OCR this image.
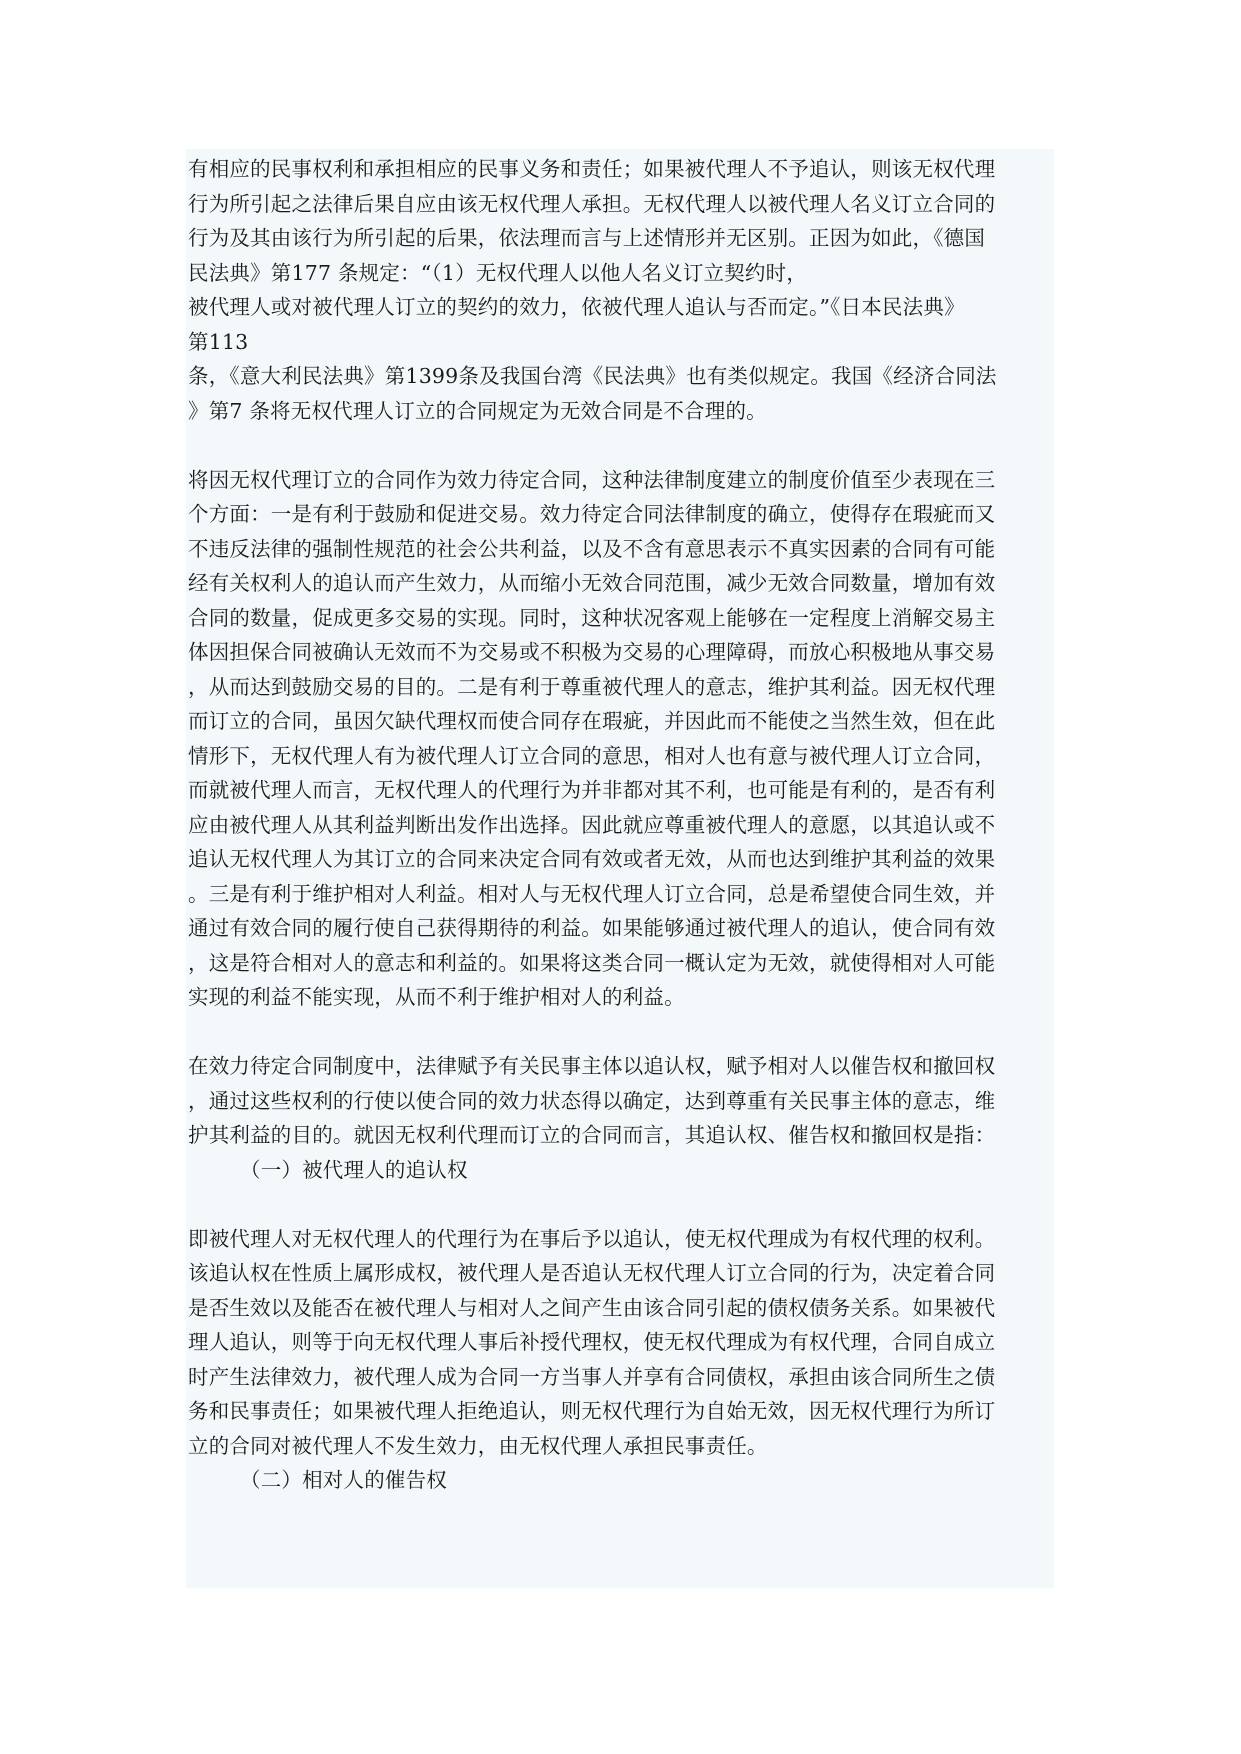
有相应的民事权利和承担相应的民事义务和责任；如果被代理人不予追认，则该无权代理
行为所引起之法律后果自应由该无权代理人承担。无权代理人以被代理人名义订立合同的
行为及其由该行为所引起的后果，依法理而言与上述情形并无区别。正因为如此，《德国
民法典》第177 条规定：“（1）无权代理人以他人名义订立契约时，
被代理人或对被代理人订立的契约的效力，依被代理人追认与否而定。”《日本民法典》
第113
条，《意大利民法典》第1399条及我国台湾《民法典》也有类似规定。我国《经济合同法
》第7 条将无权代理人订立的合同规定为无效合同是不合理的。
将因无权代理订立的合同作为效力待定合同，这种法律制度建立的制度价值至少表现在三
个方面：一是有利于鼓励和促进交易。效力待定合同法律制度的确立，使得存在瑕疵而又
不违反法律的强制性规范的社会公共利益，以及不含有意思表示不真实因素的合同有可能
经有关权利人的追认而产生效力，从而缩小无效合同范围，减少无效合同数量，增加有效
合同的数量，促成更多交易的实现。同时，这种状况客观上能够在一定程度上消解交易主
体因担保合同被确认无效而不为交易或不积极为交易的心理障碍，而放心积极地从事交易
，从而达到鼓励交易的目的。二是有利于尊重被代理人的意志，维护其利益。因无权代理
而订立的合同，虽因欠缺代理权而使合同存在瑕疵，并因此而不能使之当然生效，但在此
情形下，无权代理人有为被代理人订立合同的意思，相对人也有意与被代理人订立合同，
而就被代理人而言，无权代理人的代理行为并非都对其不利，也可能是有利的，是否有利
应由被代理人从其利益判断出发作出选择。因此就应尊重被代理人的意愿，以其追认或不
追认无权代理人为其订立的合同来决定合同有效或者无效，从而也达到维护其利益的效果
。三是有利于维护相对人利益。相对人与无权代理人订立合同，总是希望使合同生效，并
通过有效合同的履行使自己获得期待的利益。如果能够通过被代理人的追认，使合同有效
，这是符合相对人的意志和利益的。如果将这类合同一概认定为无效，就使得相对人可能
实现的利益不能实现，从而不利于维护相对人的利益。
在效力待定合同制度中，法律赋予有关民事主体以追认权，赋予相对人以催告权和撤回权
，通过这些权利的行使以使合同的效力状态得以确定，达到尊重有关民事主体的意志，维
护其利益的目的。就因无权利代理而订立的合同而言，其追认权、催告权和撤回权是指：
（一）被代理人的追认权
即被代理人对无权代理人的代理行为在事后予以追认，使无权代理成为有权代理的权利。
该追认权在性质上属形成权，被代理人是否追认无权代理人订立合同的行为，决定着合同
是否生效以及能否在被代理人与相对人之间产生由该合同引起的债权债务关系。如果被代
理人追认，则等于向无权代理人事后补授代理权，使无权代理成为有权代理，合同自成立
时产生法律效力，被代理人成为合同一方当事人并享有合同债权，承担由该合同所生之债
务和民事责任；如果被代理人拒绝追认，则无权代理行为自始无效，因无权代理行为所订
立的合同对被代理人不发生效力，由无权代理人承担民事责任。
（二）相对人的催告权
